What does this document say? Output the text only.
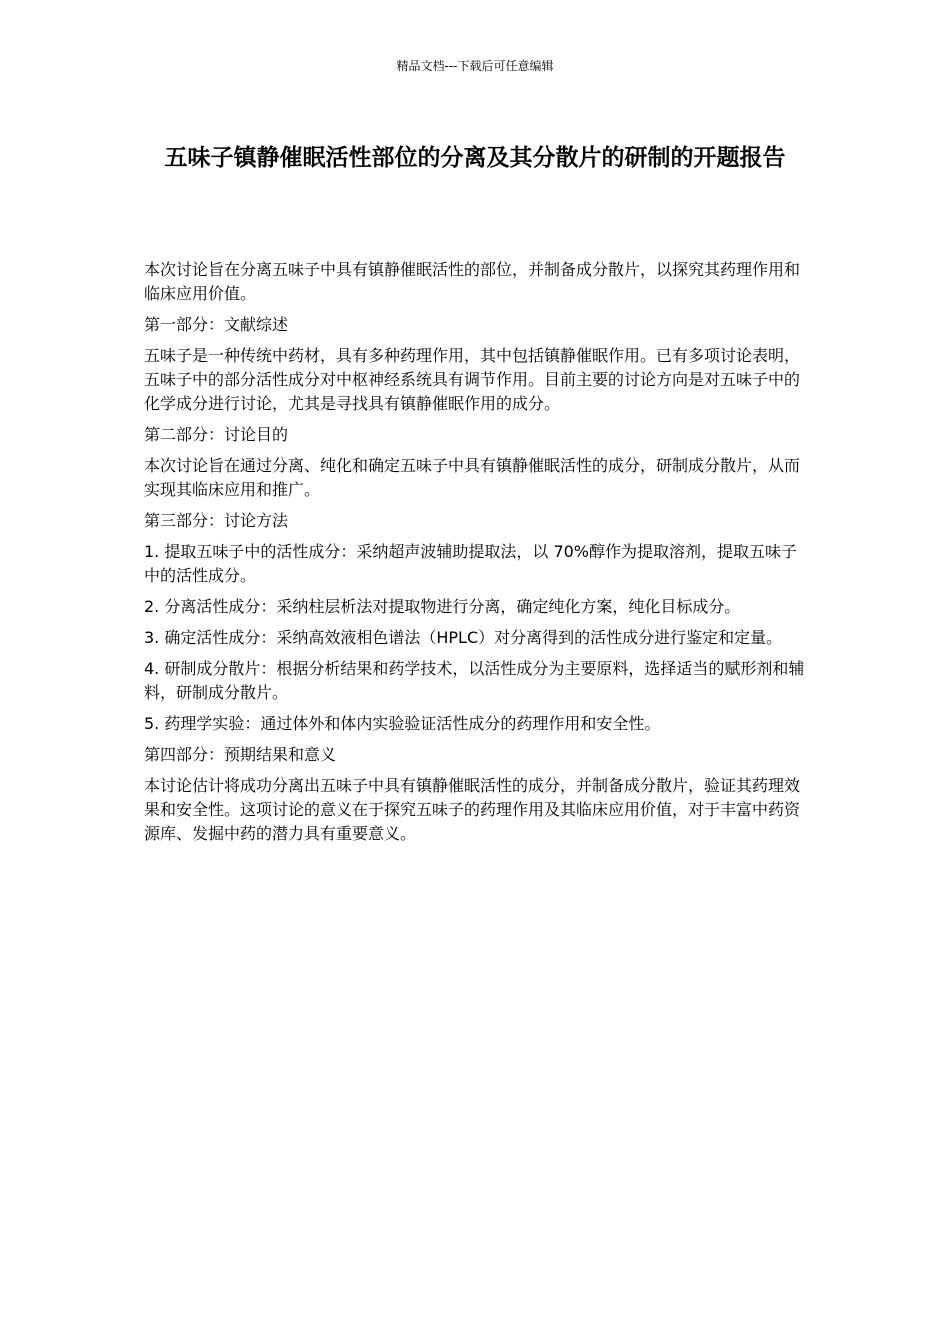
精品文档---下载后可任意编辑
五味子镇静催眠活性部位的分离及其分散片的研制的开题报告

本次讨论旨在分离五味子中具有镇静催眠活性的部位，并制备成分散片，以探究其药理作用和临床应用价值。

第一部分：文献综述

五味子是一种传统中药材，具有多种药理作用，其中包括镇静催眠作用。已有多项讨论表明，五味子中的部分活性成分对中枢神经系统具有调节作用。目前主要的讨论方向是对五味子中的化学成分进行讨论，尤其是寻找具有镇静催眠作用的成分。

第二部分：讨论目的

本次讨论旨在通过分离、纯化和确定五味子中具有镇静催眠活性的成分，研制成分散片，从而实现其临床应用和推广。

第三部分：讨论方法

1. 提取五味子中的活性成分：采纳超声波辅助提取法，以 70%醇作为提取溶剂，提取五味子中的活性成分。

2. 分离活性成分：采纳柱层析法对提取物进行分离，确定纯化方案，纯化目标成分。

3. 确定活性成分：采纳高效液相色谱法（HPLC）对分离得到的活性成分进行鉴定和定量。

4. 研制成分散片：根据分析结果和药学技术，以活性成分为主要原料，选择适当的赋形剂和辅料，研制成分散片。

5. 药理学实验：通过体外和体内实验验证活性成分的药理作用和安全性。

第四部分：预期结果和意义

本讨论估计将成功分离出五味子中具有镇静催眠活性的成分，并制备成分散片，验证其药理效果和安全性。这项讨论的意义在于探究五味子的药理作用及其临床应用价值，对于丰富中药资源库、发掘中药的潜力具有重要意义。
